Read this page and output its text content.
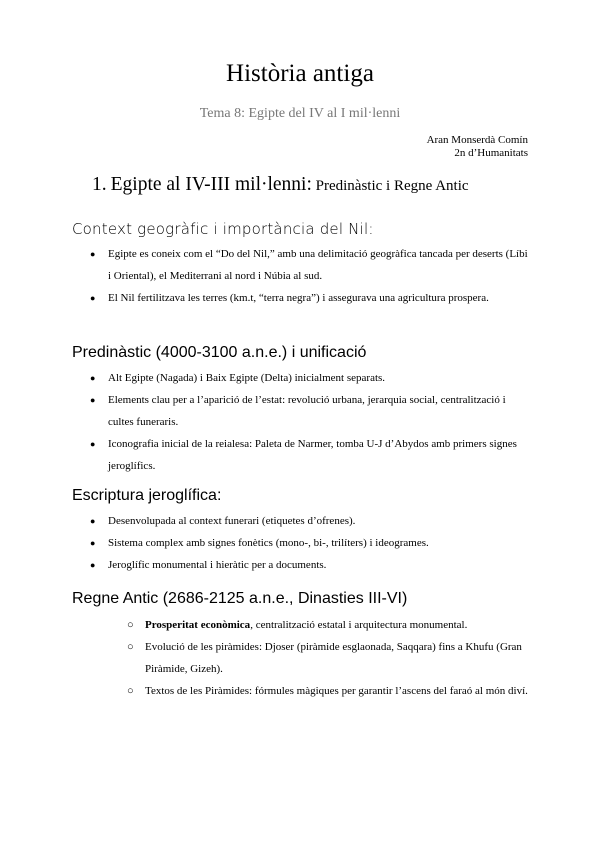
Història antiga
Tema 8: Egipte del IV al I mil·lenni
Aran Monserdà Comín
2n d’Humanitats
1. Egipte al IV-III mil·lenni: Predinàstic i Regne Antic
Context geogràfic i importància del Nil:
● Egipte es coneix com el “Do del Nil,” amb una delimitació geogràfica tancada per deserts (Líbi i Oriental), el Mediterrani al nord i Núbia al sud.
● El Nil fertilitzava les terres (km.t, “terra negra”) i assegurava una agricultura prospera.
Predinàstic (4000-3100 a.n.e.) i unificació
● Alt Egipte (Nagada) i Baix Egipte (Delta) inicialment separats.
● Elements clau per a l’aparició de l’estat: revolució urbana, jerarquia social, centralització i cultes funeraris.
● Iconografia inicial de la reialesa: Paleta de Narmer, tomba U-J d’Abydos amb primers signes jeroglífics.
Escriptura jeroglífica:
● Desenvolupada al context funerari (etiquetes d’ofrenes).
● Sistema complex amb signes fonètics (mono-, bi-, trilíters) i ideogrames.
● Jeroglífic monumental i hieràtic per a documents.
Regne Antic (2686-2125 a.n.e., Dinasties III-VI)
○ Prosperitat econòmica, centralització estatal i arquitectura monumental.
○ Evolució de les piràmides: Djoser (piràmide esglaonada, Saqqara) fins a Khufu (Gran Piràmide, Gizeh).
○ Textos de les Piràmides: fórmules màgiques per garantir l’ascens del faraó al món diví.
